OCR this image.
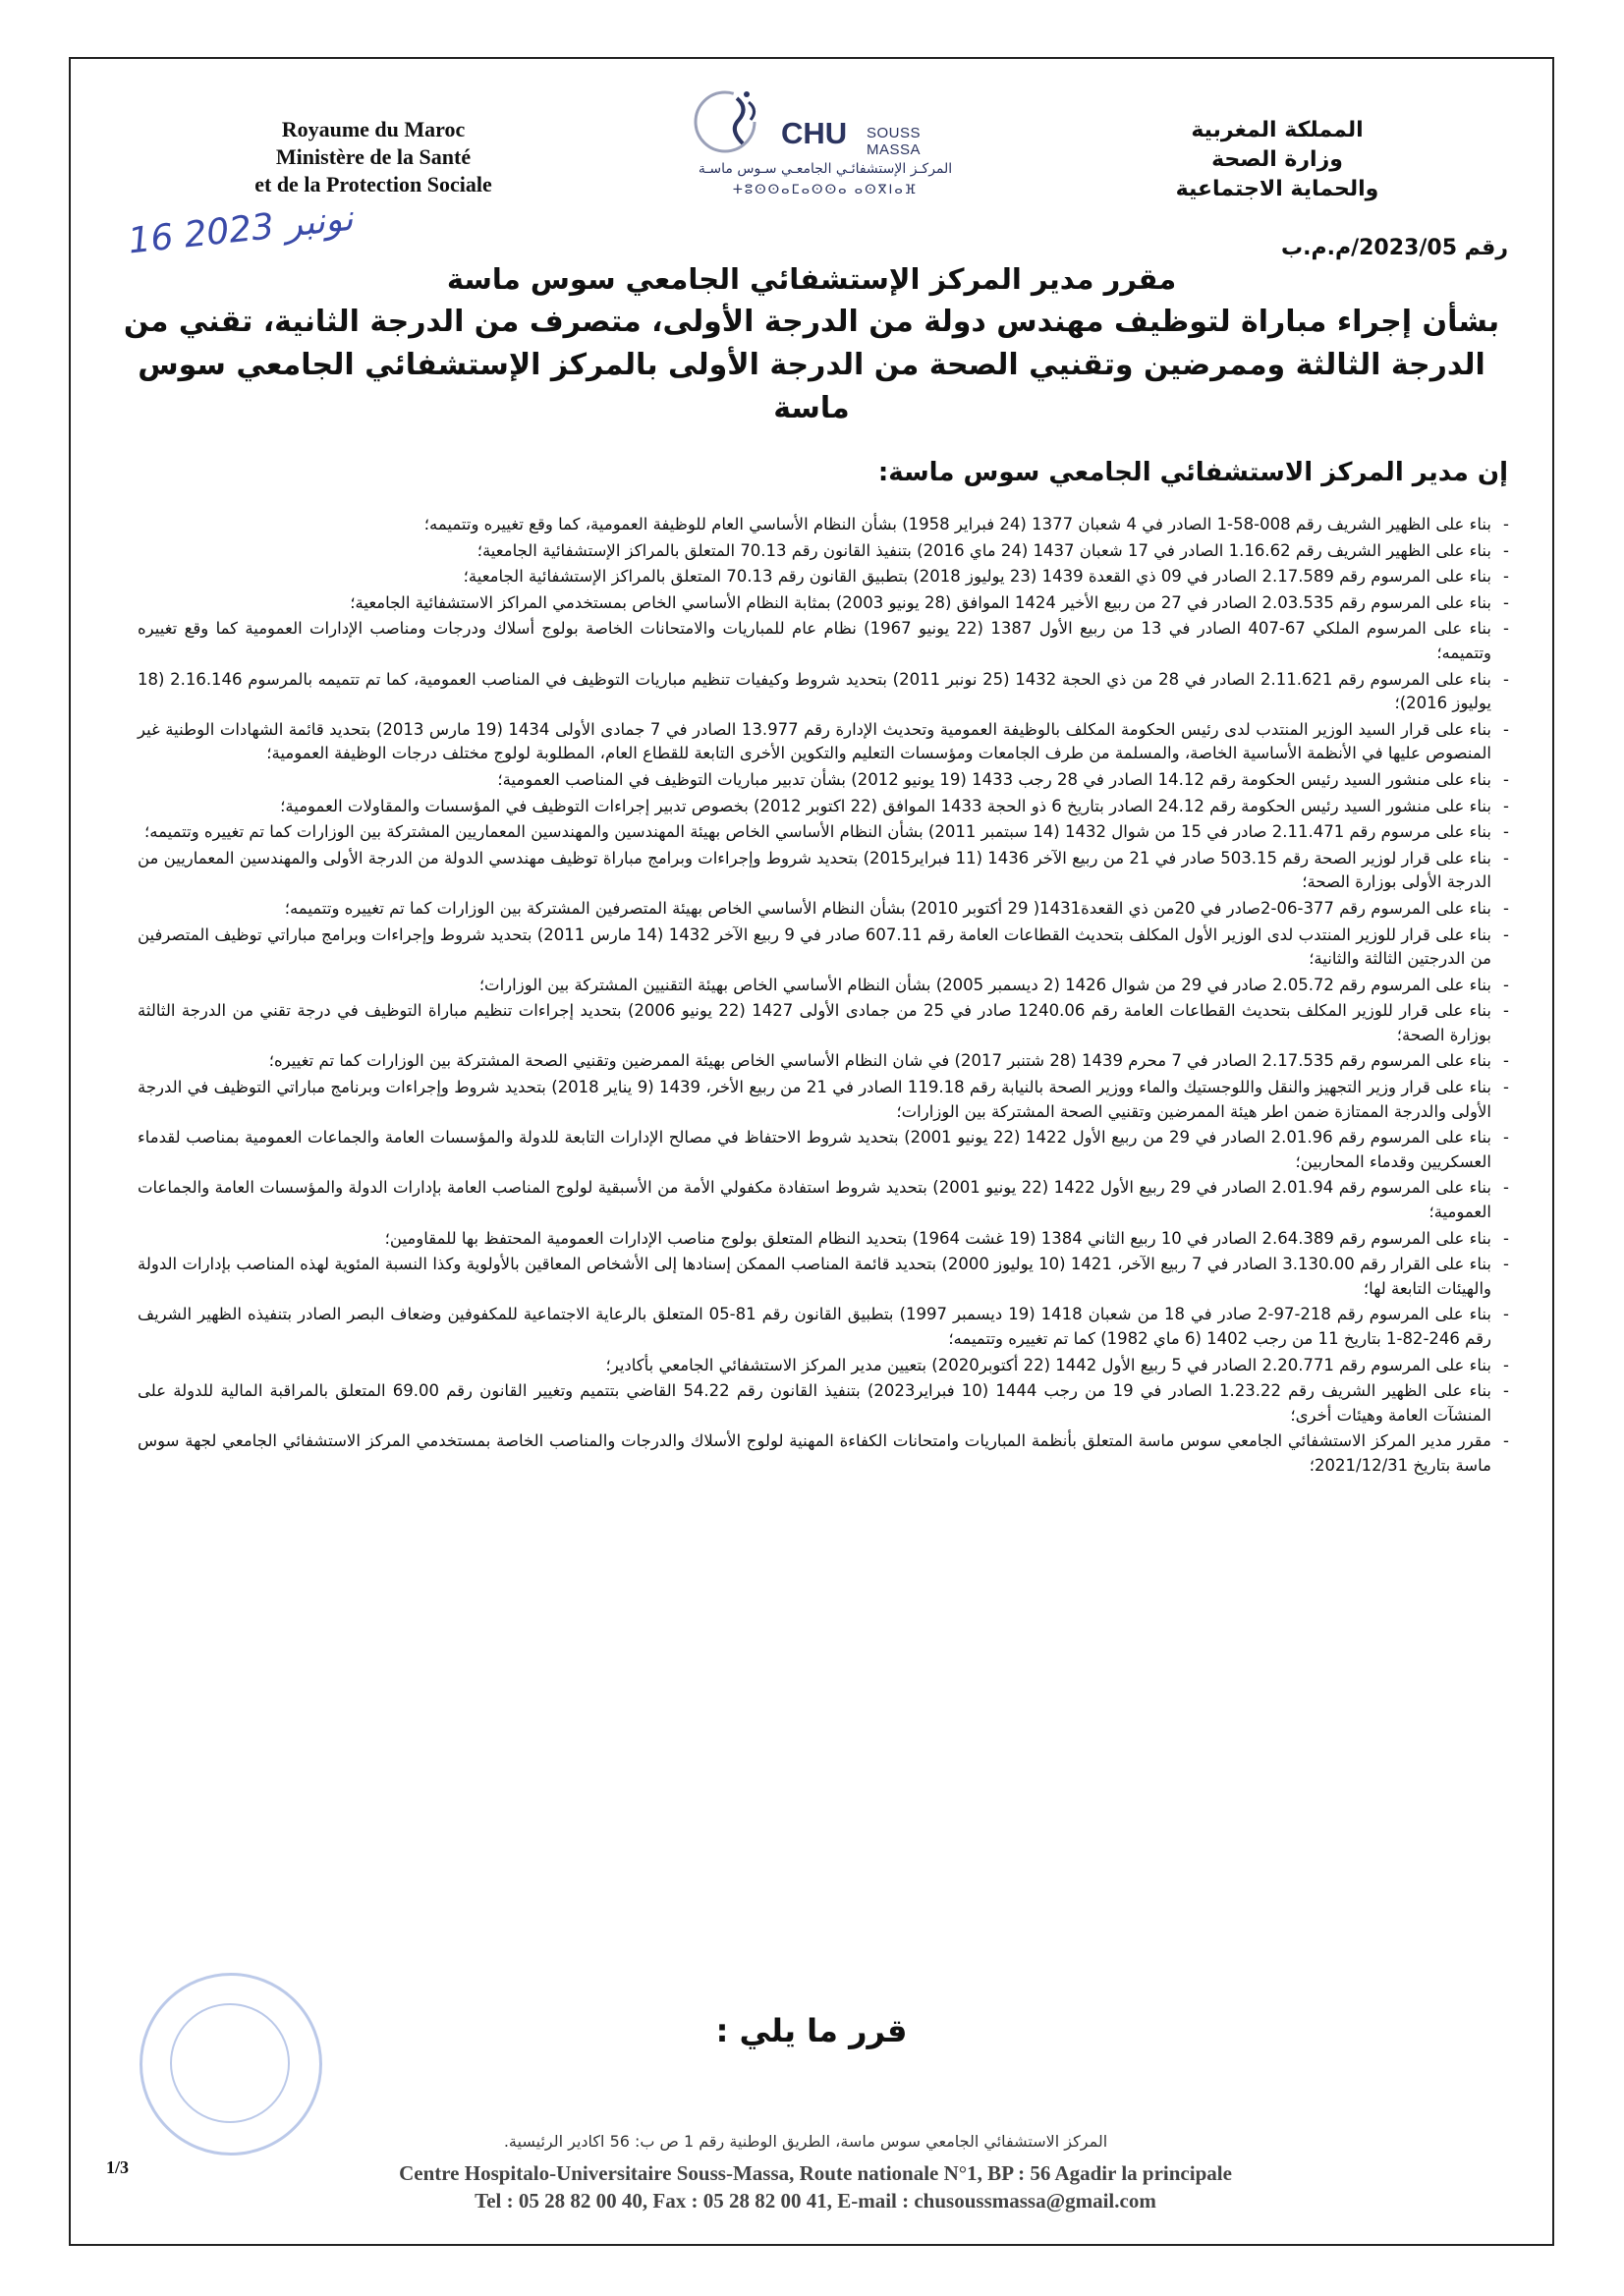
Royaume du Maroc
Ministère de la Santé
et de la Protection Sociale
CHU SOUSS MASSA
المركـز الإستشفائـي الجامعـي سـوس ماسـة
ⵜⵓⵙⵙⴰⵎⴰⵙⵙⴰ ⴰⵙⴳⵏⴰⴼ
المملكة المغربية
وزارة الصحة
والحماية الاجتماعية
16 نونبر 2023
رقم 2023/05/م.م.ب
مقرر مدير المركز الإستشفائي الجامعي سوس ماسة
بشأن إجراء مباراة لتوظيف مهندس دولة من الدرجة الأولى، متصرف من الدرجة الثانية، تقني من
الدرجة الثالثة وممرضين وتقنيي الصحة من الدرجة الأولى بالمركز الإستشفائي الجامعي سوس ماسة
إن مدير المركز الاستشفائي الجامعي سوس ماسة:
- بناء على الظهير الشريف رقم 008-58-1 الصادر في 4 شعبان 1377 (24 فبراير 1958) بشأن النظام الأساسي العام للوظيفة العمومية، كما وقع تغييره وتتميمه؛
- بناء على الظهير الشريف رقم 1.16.62 الصادر في 17 شعبان 1437 (24 ماي 2016) بتنفيذ القانون رقم 70.13 المتعلق بالمراكز الإستشفائية الجامعية؛
- بناء على المرسوم رقم 2.17.589 الصادر في 09 ذي القعدة 1439 (23 يوليوز 2018) بتطبيق القانون رقم 70.13 المتعلق بالمراكز الإستشفائية الجامعية؛
- بناء على المرسوم رقم 2.03.535 الصادر في 27 من ربيع الأخير 1424 الموافق (28 يونيو 2003) بمثابة النظام الأساسي الخاص بمستخدمي المراكز الاستشفائية الجامعية؛
- بناء على المرسوم الملكي 67-407 الصادر في 13 من ربيع الأول 1387 (22 يونيو 1967) نظام عام للمباريات والامتحانات الخاصة بولوج أسلاك ودرجات ومناصب الإدارات العمومية كما وقع تغييره وتتميمه؛
- بناء على المرسوم رقم 2.11.621 الصادر في 28 من ذي الحجة 1432 (25 نونبر 2011) بتحديد شروط وكيفيات تنظيم مباريات التوظيف في المناصب العمومية، كما تم تتميمه بالمرسوم 2.16.146 (18 يوليوز 2016)؛
- بناء على قرار السيد الوزير المنتدب لدى رئيس الحكومة المكلف بالوظيفة العمومية وتحديث الإدارة رقم 13.977 الصادر في 7 جمادى الأولى 1434 (19 مارس 2013) بتحديد قائمة الشهادات الوطنية غير المنصوص عليها في الأنظمة الأساسية الخاصة، والمسلمة من طرف الجامعات ومؤسسات التعليم والتكوين الأخرى التابعة للقطاع العام، المطلوبة لولوج مختلف درجات الوظيفة العمومية؛
- بناء على منشور السيد رئيس الحكومة رقم 14.12 الصادر في 28 رجب 1433 (19 يونيو 2012) بشأن تدبير مباريات التوظيف في المناصب العمومية؛
- بناء على منشور السيد رئيس الحكومة رقم 24.12 الصادر بتاريخ 6 ذو الحجة 1433 الموافق (22 اكتوبر 2012) بخصوص تدبير إجراءات التوظيف في المؤسسات والمقاولات العمومية؛
- بناء على مرسوم رقم 2.11.471 صادر في 15 من شوال 1432 (14 سبتمبر 2011) بشأن النظام الأساسي الخاص بهيئة المهندسين والمهندسين المعماريين المشتركة بين الوزارات كما تم تغييره وتتميمه؛
- بناء على قرار لوزير الصحة رقم 503.15 صادر في 21 من ربيع الآخر 1436 (11 فبراير2015) بتحديد شروط وإجراءات وبرامج مباراة توظيف مهندسي الدولة من الدرجة الأولى والمهندسين المعماريين من الدرجة الأولى بوزارة الصحة؛
- بناء على المرسوم رقم 377-06-2صادر في 20من ذي القعدة1431( 29 أكتوبر 2010) بشأن النظام الأساسي الخاص بهيئة المتصرفين المشتركة بين الوزارات كما تم تغييره وتتميمه؛
- بناء على قرار للوزير المنتدب لدى الوزير الأول المكلف بتحديث القطاعات العامة رقم 607.11 صادر في 9 ربيع الآخر 1432 (14 مارس 2011) بتحديد شروط وإجراءات وبرامج مباراتي توظيف المتصرفين من الدرجتين الثالثة والثانية؛
- بناء على المرسوم رقم 2.05.72 صادر في 29 من شوال 1426 (2 ديسمبر 2005) بشأن النظام الأساسي الخاص بهيئة التقنيين المشتركة بين الوزارات؛
- بناء على قرار للوزير المكلف بتحديث القطاعات العامة رقم 1240.06 صادر في 25 من جمادى الأولى 1427 (22 يونيو 2006) بتحديد إجراءات تنظيم مباراة التوظيف في درجة تقني من الدرجة الثالثة بوزارة الصحة؛
- بناء على المرسوم رقم 2.17.535 الصادر في 7 محرم 1439 (28 شتنبر 2017) في شان النظام الأساسي الخاص بهيئة الممرضين وتقنيي الصحة المشتركة بين الوزارات كما تم تغييره؛
- بناء على قرار وزير التجهيز والنقل واللوجستيك والماء ووزير الصحة بالنيابة رقم 119.18 الصادر في 21 من ربيع الأخر، 1439 (9 يناير 2018) بتحديد شروط وإجراءات وبرنامج مباراتي التوظيف في الدرجة الأولى والدرجة الممتازة ضمن اطر هيئة الممرضين وتقنيي الصحة المشتركة بين الوزارات؛
- بناء على المرسوم رقم 2.01.96 الصادر في 29 من ربيع الأول 1422 (22 يونيو 2001) بتحديد شروط الاحتفاظ في مصالح الإدارات التابعة للدولة والمؤسسات العامة والجماعات العمومية بمناصب لقدماء العسكريين وقدماء المحاربين؛
- بناء على المرسوم رقم 2.01.94 الصادر في 29 ربيع الأول 1422 (22 يونيو 2001) بتحديد شروط استفادة مكفولي الأمة من الأسبقية لولوج المناصب العامة بإدارات الدولة والمؤسسات العامة والجماعات العمومية؛
- بناء على المرسوم رقم 2.64.389 الصادر في 10 ربيع الثاني 1384 (19 غشت 1964) بتحديد النظام المتعلق بولوج مناصب الإدارات العمومية المحتفظ بها للمقاومين؛
- بناء على القرار رقم 3.130.00 الصادر في 7 ربيع الآخر، 1421 (10 يوليوز 2000) بتحديد قائمة المناصب الممكن إسنادها إلى الأشخاص المعاقين بالأولوية وكذا النسبة المئوية لهذه المناصب بإدارات الدولة والهيئات التابعة لها؛
- بناء على المرسوم رقم 218-97-2 صادر في 18 من شعبان 1418 (19 ديسمبر 1997) بتطبيق القانون رقم 81-05 المتعلق بالرعاية الاجتماعية للمكفوفين وضعاف البصر الصادر بتنفيذه الظهير الشريف رقم 246-82-1 بتاريخ 11 من رجب 1402 (6 ماي 1982) كما تم تغييره وتتميمه؛
- بناء على المرسوم رقم 2.20.771 الصادر في 5 ربيع الأول 1442 (22 أكتوبر2020) بتعيين مدير المركز الاستشفائي الجامعي بأكادير؛
- بناء على الظهير الشريف رقم 1.23.22 الصادر في 19 من رجب 1444 (10 فبراير2023) بتنفيذ القانون رقم 54.22 القاضي بتتميم وتغيير القانون رقم 69.00 المتعلق بالمراقبة المالية للدولة على المنشآت العامة وهيئات أخرى؛
- مقرر مدير المركز الاستشفائي الجامعي سوس ماسة المتعلق بأنظمة المباريات وامتحانات الكفاءة المهنية لولوج الأسلاك والدرجات والمناصب الخاصة بمستخدمي المركز الاستشفائي الجامعي لجهة سوس ماسة بتاريخ 2021/12/31؛
قرر ما يلي :
المركز الاستشفائي الجامعي سوس ماسة، الطريق الوطنية رقم 1 ص ب: 56 اكادير الرئيسية.
1/3	Centre Hospitalo-Universitaire Souss-Massa, Route nationale N°1, BP : 56 Agadir la principale
Tel : 05 28 82 00 40, Fax : 05 28 82 00 41, E-mail : chusoussmassa@gmail.com
